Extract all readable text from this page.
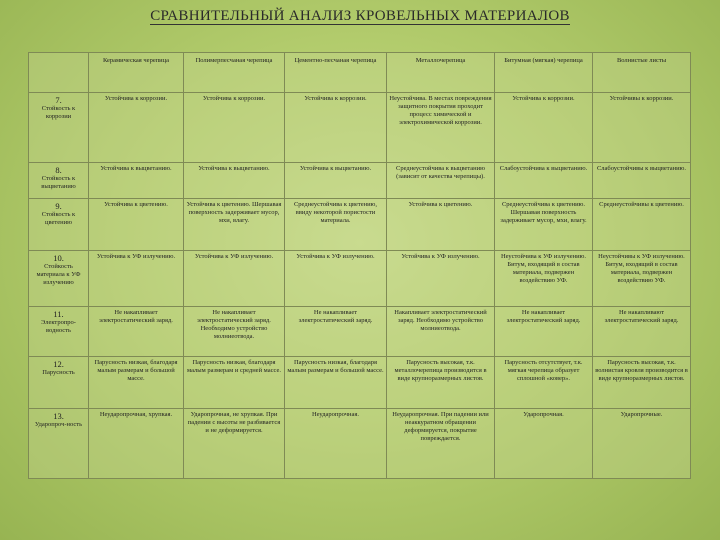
СРАВНИТЕЛЬНЫЙ АНАЛИЗ КРОВЕЛЬНЫХ МАТЕРИАЛОВ
	Керамическая черепица	Полимерпесчаная черепица	Цементно-песчаная черепица	Металлочерепица	Битумная (мягкая) черепица	Волнистые листы

7.
Стойкость к коррозии	Устойчива к коррозии.	Устойчива к коррозии.	Устойчива к коррозии.	Неустойчива. В местах повреждения защитного покрытия проходит процесс химической и электрохимической коррозии.	Устойчива к коррозии.	Устойчивы к коррозии.

8.
Стойкость к выцветанию	Устойчива к выцветанию.	Устойчива к выцветанию.	Устойчива к выцветанию.	Среднеустойчива к выцветанию (зависит от качества черепицы).	Слабоустойчива к выцветанию.	Слабоустойчивы к выцветанию.

9.
Стойкость к цветению	Устойчива к цветению.	Устойчива к цветению. Шершавая поверхность задерживает мусор, мхи, влагу.	Среднеустойчива к цветению, ввиду некоторой пористости материала.	Устойчива к цветению.	Среднеустойчива к цветению. Шершавая поверхность задерживает мусор, мхи, влагу.	Среднеустойчивы к цветению.

10.
Стойкость материала к УФ излучению	Устойчива к УФ излучению.	Устойчива к УФ излучению.	Устойчива к УФ излучению.	Устойчива к УФ излучению.	Неустойчива к УФ излучению. Битум, входящий в состав материала, подвержен воздействию УФ.	Неустойчивы к УФ излучению. Битум, входящий в состав материала, подвержен воздействию УФ.

11.
Электропро-водность	Не накапливает электростатический заряд.	Не накапливает электростатический заряд. Необходимо устройство молниеотвода.	Не накапливает электростатический заряд.	Накапливает электростатический заряд. Необходимо устройство молниеотвода.	Не накапливает электростатический заряд.	Не накапливают электростатический заряд.

12.
Парусность	Парусность низкая, благодаря малым размерам и большой массе.	Парусность низкая, благодаря малым размерам и средней массе.	Парусность низкая, благодаря малым размерам и большой массе.	Парусность высокая, т.к. металлочерепица производится в виде крупноразмерных листов.	Парусность отсутствует, т.к. мягкая черепица образует сплошной «ковер».	Парусность высокая, т.к. волнистая кровля производится в виде крупноразмерных листов.

13.
Ударопроч-ность	Неударопрочная, хрупкая.	Ударопрочная, не хрупкая. При падении с высоты не разбивается и не деформируется.	Неударопрочная.	Неударопрочная. При падении или неаккуратном обращении деформируется, покрытие повреждается.	Ударопрочная.	Ударопрочные.
